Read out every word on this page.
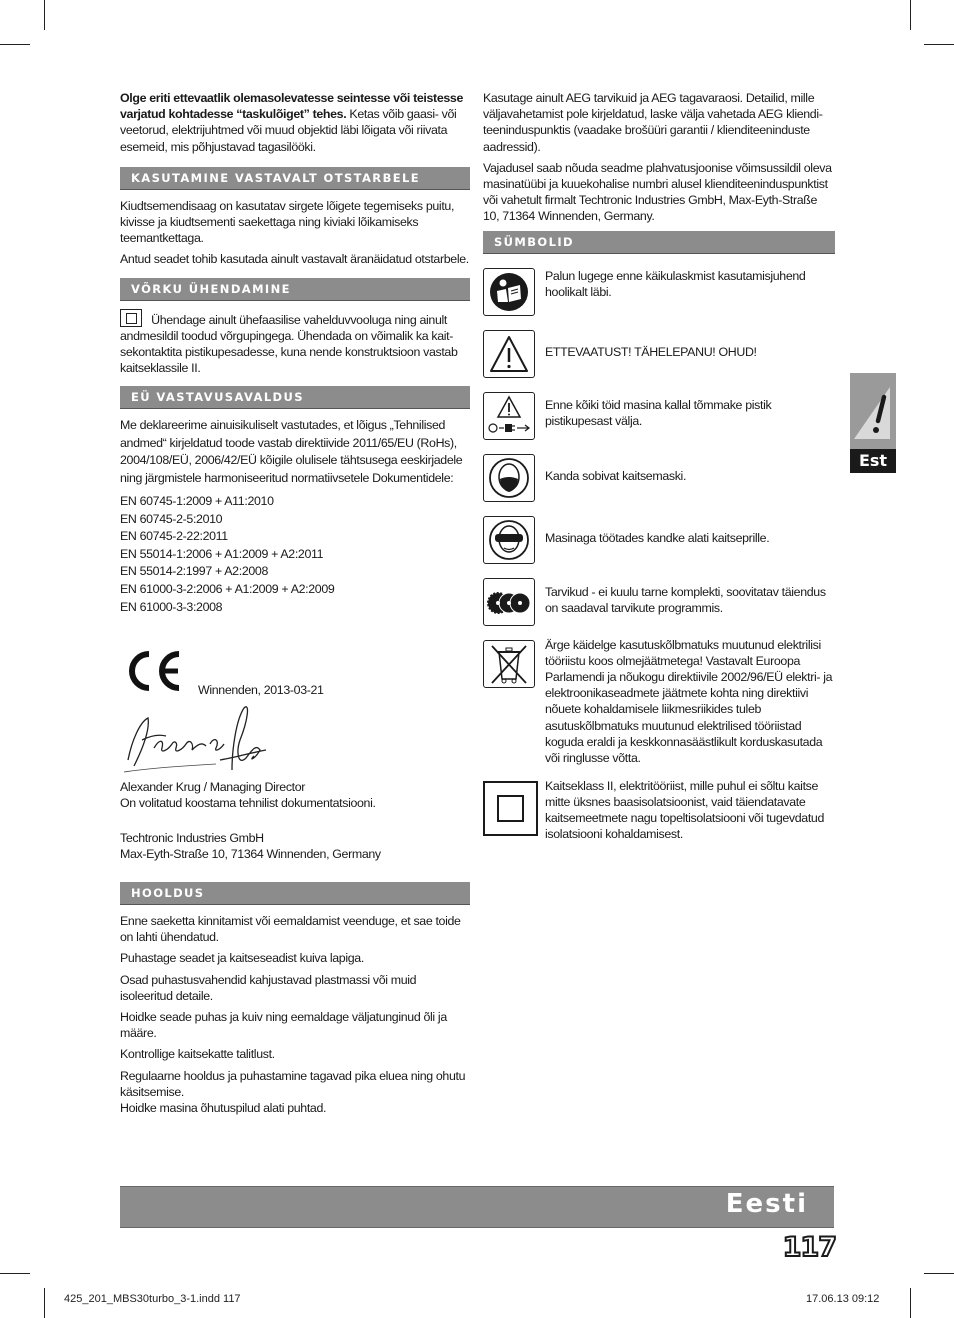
Olge eriti ettevaatlik olemasolevatesse seintesse või teistesse varjatud kohtadesse “taskulõiget” tehes. Ketas võib gaasi- või veetorud, elektrijuhtmed või muud objektid läbi lõigata või riivata esemeid, mis põhjustavad tagasilööki.

KASUTAMINE VASTAVALT OTSTARBELE

Kiudtsemendisaag on kasutatav sirgete lõigete tegemiseks puitu, kivisse ja kiudtsementi saekettaga ning kiviaki lõikamiseks teemantkettaga.

Antud seadet tohib kasutada ainult vastavalt äranäidatud otstarbele.

VÕRKU ÜHENDAMINE

Ühendage ainult ühefaasilise vahelduvvooluga ning ainult andmesildil toodud võrgupingega. Ühendada on võimalik ka kait-sekontaktita pistikupesadesse, kuna nende konstruktsioon vastab kaitseklassile II.

EÜ VASTAVUSAVALDUS

Me deklareerime ainuisikuliselt vastutades, et lõigus „Tehnilised andmed“ kirjeldatud toode vastab direktiivide 2011/65/EU (RoHs), 2004/108/EÜ, 2006/42/EÜ kõigile olulisele tähtsusega eeskirjadele ning järgmistele harmoniseeritud normatiivsetele Dokumentidele:

EN 60745-1:2009 + A11:2010
EN 60745-2-5:2010
EN 60745-2-22:2011
EN 55014-1:2006 + A1:2009 + A2:2011
EN 55014-2:1997 + A2:2008
EN 61000-3-2:2006 + A1:2009 + A2:2009
EN 61000-3-3:2008
Winnenden, 2013-03-21
Alexander Krug / Managing Director
On volitatud koostama tehnilist dokumentatsiooni.
Techtronic Industries GmbH
Max-Eyth-Straße 10, 71364 Winnenden, Germany
HOOLDUS

Enne saeketta kinnitamist või eemaldamist veenduge, et sae toide on lahti ühendatud.

Puhastage seadet ja kaitseseadist kuiva lapiga.

Osad puhastusvahendid kahjustavad plastmassi või muid isoleeritud detaile.

Hoidke seade puhas ja kuiv ning eemaldage väljatunginud õli ja määre.

Kontrollige kaitsekatte talitlust.

Regulaarne hooldus ja puhastamine tagavad pika eluea ning ohutu käsitsemise.
Hoidke masina õhutuspilud alati puhtad.

Kasutage ainult AEG tarvikuid ja AEG tagavaraosi. Detailid, mille väljavahetamist pole kirjeldatud, laske välja vahetada AEG kliendi-teeninduspunktis (vaadake brošüüri garantii / klienditeeninduste aadressid).

Vajadusel saab nõuda seadme plahvatusjoonise võimsussildil oleva masinatüübi ja kuuekohalise numbri alusel klienditeeninduspunktist või vahetult firmalt Techtronic Industries GmbH, Max-Eyth-Straße 10, 71364 Winnenden, Germany.

SÜMBOLID
Palun lugege enne käikulaskmist kasutamisjuhend hoolikalt läbi.
ETTEVAATUST! TÄHELEPANU! OHUD!
Enne kõiki töid masina kallal tõmmake pistik pistikupesast välja.
Kanda sobivat kaitsemaski.
Masinaga töötades kandke alati kaitseprille.
Tarvikud - ei kuulu tarne komplekti, soovitatav täiendus on saadaval tarvikute programmis.
Ärge käidelge kasutuskõlbmatuks muutunud elektrilisi tööriistu koos olmejäätmetega! Vastavalt Euroopa Parlamendi ja nõukogu direktiivile 2002/96/EÜ elektri- ja elektroonikaseadmete jäätmete kohta ning direktiivi nõuete kohaldamisele liikmesriikides tuleb asutuskõlbmatuks muutunud elektrilised tööriistad koguda eraldi ja keskkonnasäästlikult korduskasutada või ringlusse võtta.
Kaitseklass II, elektritööriist, mille puhul ei sõltu kaitse mitte üksnes baasisolatsioonist, vaid täiendatavate kaitsemeetmete nagu topeltisolatsiooni või tugevdatud isolatsiooni kohaldamisest.
Est
Eesti
117
425_201_MBS30turbo_3-1.indd 117	17.06.13 09:12
